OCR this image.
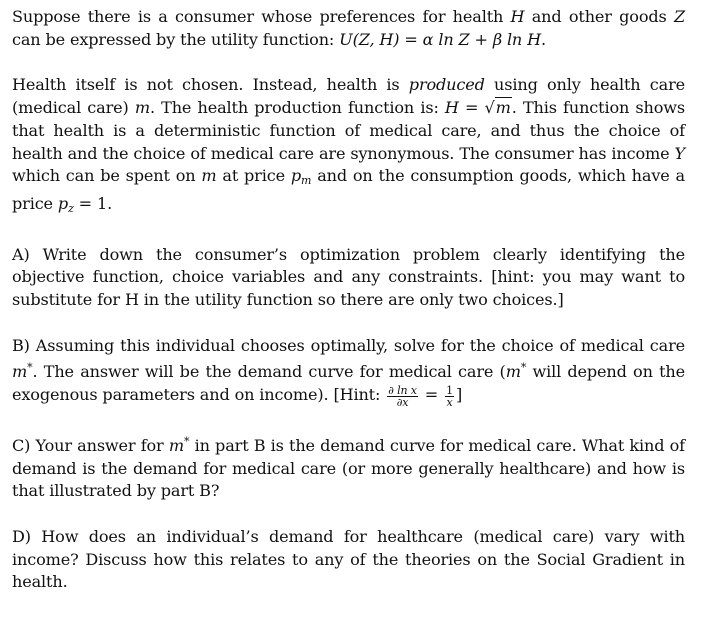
Suppose there is a consumer whose preferences for health H and other goods Z can be expressed by the utility function: U(Z, H) = α ln Z + β ln H.

Health itself is not chosen. Instead, health is produced using only health care (medical care) m. The health production function is: H = √m. This function shows that health is a deterministic function of medical care, and thus the choice of health and the choice of medical care are synonymous. The consumer has income Y which can be spent on m at price $p_m$ and on the consumption goods, which have a price $p_z = 1$.

A) Write down the consumer’s optimization problem clearly identifying the objective function, choice variables and any constraints. [hint: you may want to substitute for H in the utility function so there are only two choices.]

B) Assuming this individual chooses optimally, solve for the choice of medical care m*. The answer will be the demand curve for medical care (m* will depend on the exogenous parameters and on income). [Hint: $\frac{\text{∂ ln x}}{\partial x} = \frac{1}{x}$ ]

C) Your answer for m* in part B is the demand curve for medical care. What kind of demand is the demand for medical care (or more generally healthcare) and how is that illustrated by part B?

D) How does an individual’s demand for healthcare (medical care) vary with income? Discuss how this relates to any of the theories on the Social Gradient in health.
